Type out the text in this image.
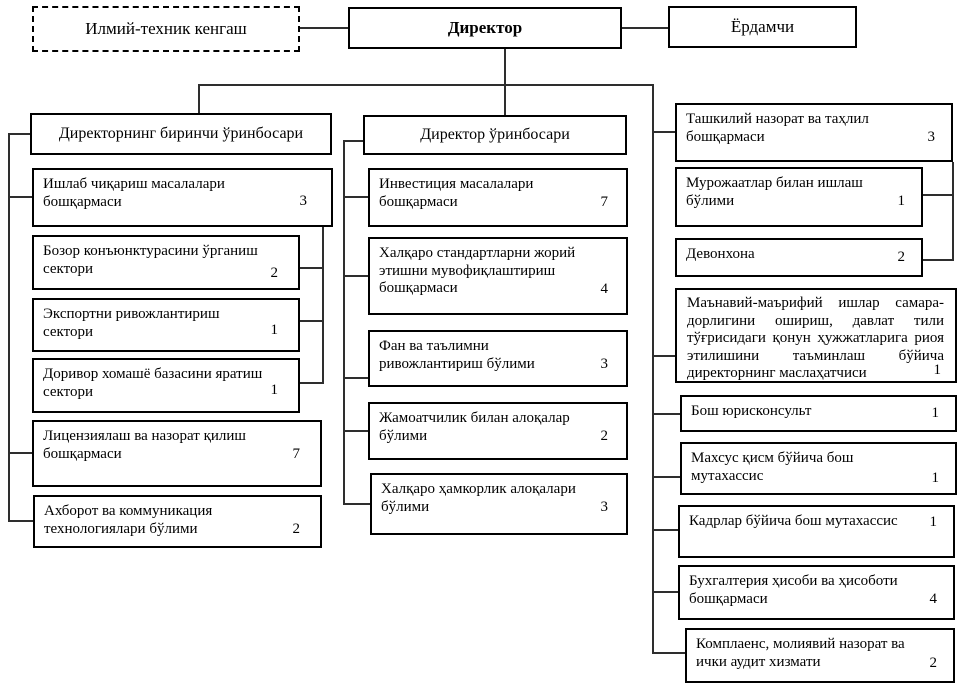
Илмий-техник кенгаш	Директор	Ёрдамчи
Директорнинг биринчи ўринбосари
Ишлаб чиқариш масалалари бошқармаси	3
Бозор конъюнктурасини ўрганиш сектори	2
Экспортни ривожлантириш сектори	1
Доривор хомашё базасини яратиш сектори	1
Лицензиялаш ва назорат қилиш бошқармаси	7
Ахборот ва коммуникация технологиялари бўлими	2
Директор ўринбосари
Инвестиция масалалари бошқармаси	7
Халқаро стандартларни жорий этишни мувофиқлаштириш бошқармаси	4
Фан ва таълимни ривожлантириш бўлими	3
Жамоатчилик билан алоқалар бўлими	2
Халқаро ҳамкорлик алоқалари бўлими	3
Ташкилий назорат ва таҳлил бошқармаси	3
Мурожаатлар билан ишлаш бўлими	1
Девонхона	2
Маънавий-маърифий ишлар самара-дорлигини ошириш, давлат тили тўғрисидаги қонун ҳужжатларига риоя этилишини таъминлаш бўйича директорнинг маслаҳатчиси	1
Бош юрисконсульт	1
Махсус қисм бўйича бош мутахассис	1
Кадрлар бўйича бош мутахассис 1
Бухгалтерия ҳисоби ва ҳисоботи бошқармаси	4
Комплаенс, молиявий назорат ва ички аудит хизмати	2
